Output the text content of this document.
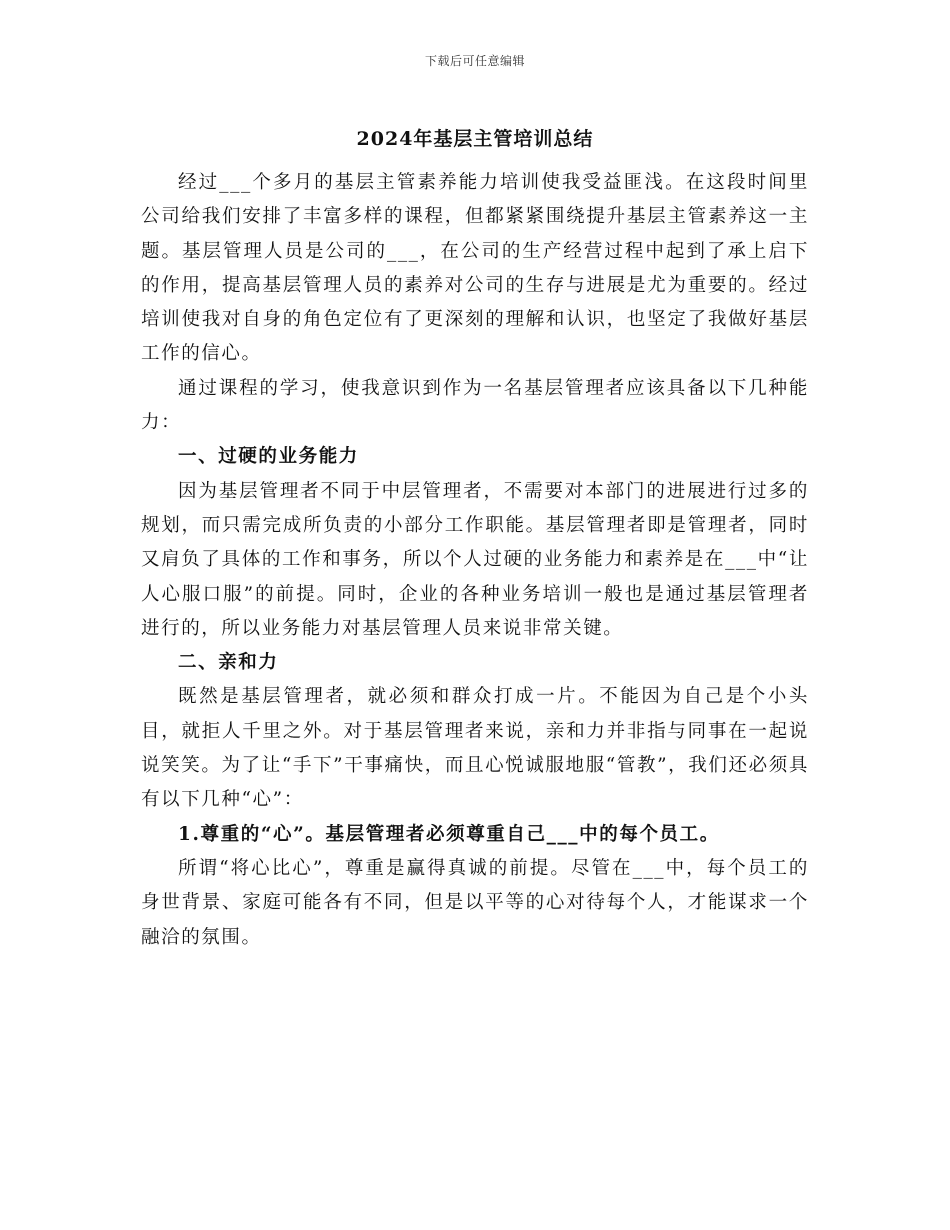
下载后可任意编辑
2024年基层主管培训总结

经过___个多月的基层主管素养能力培训使我受益匪浅。在这段时间里公司给我们安排了丰富多样的课程，但都紧紧围绕提升基层主管素养这一主题。基层管理人员是公司的___，在公司的生产经营过程中起到了承上启下的作用，提高基层管理人员的素养对公司的生存与进展是尤为重要的。经过培训使我对自身的角色定位有了更深刻的理解和认识，也坚定了我做好基层工作的信心。

通过课程的学习，使我意识到作为一名基层管理者应该具备以下几种能力：

一、过硬的业务能力

因为基层管理者不同于中层管理者，不需要对本部门的进展进行过多的规划，而只需完成所负责的小部分工作职能。基层管理者即是管理者，同时又肩负了具体的工作和事务，所以个人过硬的业务能力和素养是在___中“让人心服口服”的前提。同时，企业的各种业务培训一般也是通过基层管理者进行的，所以业务能力对基层管理人员来说非常关键。

二、亲和力

既然是基层管理者，就必须和群众打成一片。不能因为自己是个小头目，就拒人千里之外。对于基层管理者来说，亲和力并非指与同事在一起说说笑笑。为了让“手下”干事痛快，而且心悦诚服地服“管教”，我们还必须具有以下几种“心”：

1.尊重的“心”。基层管理者必须尊重自己___中的每个员工。

所谓“将心比心”，尊重是赢得真诚的前提。尽管在___中，每个员工的身世背景、家庭可能各有不同，但是以平等的心对待每个人，才能谋求一个融洽的氛围。
